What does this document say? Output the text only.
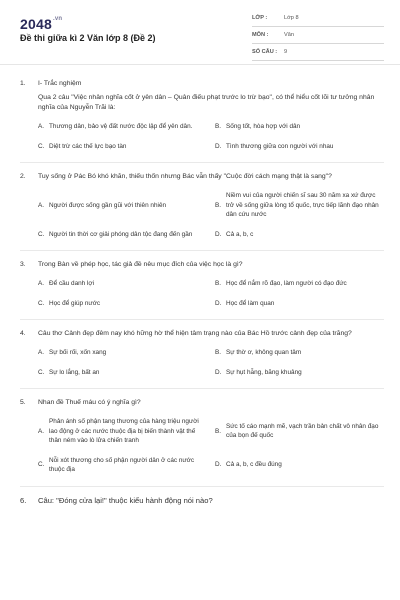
$2048^{.vn}$
Đề thi giữa kì 2 Văn lớp 8 (Đề 2)
LỚP :	Lớp 8
MÔN :	Văn
SỐ CÂU : 9
1.	I- Trắc nghiệm
Qua 2 câu "Việc nhân nghĩa cốt ở yên dân – Quân điếu phạt trước lo trừ bạo", có thể hiểu cốt lõi tư tưởng nhân nghĩa của Nguyễn Trãi là:
A. Thương dân, bảo vệ đất nước độc lập để yên dân.	B. Sống tốt, hòa hợp với dân
C. Diệt trừ các thế lực bạo tàn	D. Tình thương giữa con người với nhau
2.	Tuy sống ở Pác Bó khó khăn, thiếu thốn nhưng Bác vẫn thấy "Cuộc đời cách mạng thật là sang"?
A. Người được sống gần gũi với thiên nhiên	B.
Niềm vui của người chiến sĩ sau 30 năm xa xứ được trở về sống giữa lòng tổ quốc, trực tiếp lãnh đạo nhân dân cứu nước
C. Người tin thời cơ giải phóng dân tộc đang đến gần	D. Cả a, b, c
3.	Trong Bàn về phép học, tác giả đề nêu mục đích của việc học là gì?
A. Để cầu danh lợi	B. Học để nắm rõ đạo, làm người có đạo đức
C. Học để giúp nước	D. Học để làm quan
4.	Câu thơ Cảnh đẹp đêm nay khó hững hờ thể hiện tâm trạng nào của Bác Hồ trước cảnh đẹp của trăng?
A. Sự bối rối, xốn xang	B. Sự thờ ơ, không quan tâm
C. Sự lo lắng, bất an	D. Sự hụt hẫng, băng khuâng
5.	Nhan đề Thuế máu có ý nghĩa gì?
A.
Phản ánh số phận tang thương của hàng triệu người lao động ở các nước thuộc địa bị biến thành vật thế thân ném vào lò lửa chiến tranh
B.
Sức tố cáo mạnh mẽ, vạch trần bản chất vô nhân đạo của bọn đế quốc
C.
Nỗi xót thương cho số phận người dân ở các nước thuộc địa
D. Cả a, b, c đều đúng
6.	Câu: "Đóng cửa lại!" thuộc kiểu hành động nói nào?
